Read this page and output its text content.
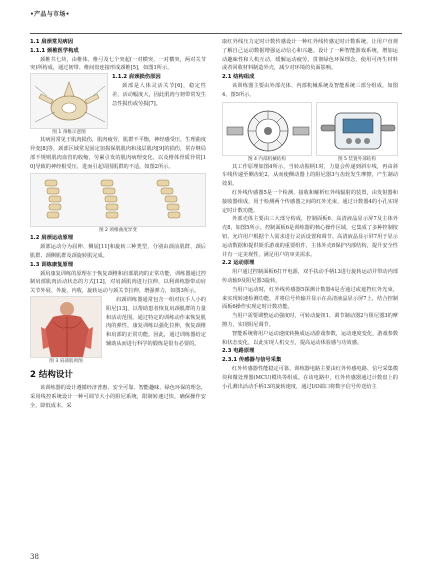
•产品与市场•
1.1 肩颈常见病因
1.1.1 颈椎医学构成
颈椎共七块，由椎体、椎弓及七个突起(一对横突、一对横突，两对关节突)所构成，通过韧带、椎间盘连接形成颈椎[5]，如图1所示。
图 1 颈椎示意图
1.1.2 肩颈损伤原因
颈部是人体灵活关节[6]，稳定性差，活动幅度大，因此肌肉与韧带常发生急性损伤或劳损[7]。
其病因常见于肌肉损伤，肌肉疲劳，肌群不平衡，神经感受压，生理曲度异变[8]等，颈部区域常见固定加损保肌肌肉和浅层肌肉[9]的损伤，常存继局部不规则肌肉血管的收缩，劳累引发的肌肉病理变化，以及椎体骨质异常[10]导致的神经根受压，进而引起周围肌群的不适，如图2所示。
图 2 颈椎曲度异变
1.2 肩颈运动原理
颈部运动分为屈伸、侧屈[11]和旋转三种类型，分别由颈前肌群、颈后肌群、颈侧肌群及颈旋转肌完成。
1.3 训练康复原理
颈肩康复训练的原理在于恢复颈椎和肩部肌肉的正常功能，训练器通过控制肩部肌肉活动状态的方式[12]，对肩颈肌肉进行拉伸，以利训练器带动肩关节外展、外旋、内收，旋转运动与颈关节拉伸，增强弹力，如图3所示。
图 3 肩部肌肉图
肩颈训练器通常包含一组对抗手人小的阻尼[13]，以帮助患者恢复肩颈肌群的力量和活动范围。通过特定的训练动作来恢复肌肉的弹性，康复训练以强化拉伸，恢复颈椎和肩部的正常功能。因此，通过训练器给定辅助从而进行科学的锻炼是很有必要的。
2 结构设计
该训练器的设计遵循经济普惠、安全可靠、智能趣味、绿色环保的理念，采用线控系统设计一种可调节大小的阻尼系统，限制转速过快，确保操作安全，降低成本，采
取红外线压力定时计数传感设计一种红外线传感定时计数系统，让用户直观了解自己运动数据增强运动信心和兴趣。设计了一种智能游戏系统，增加运动趣味性和人机互动，缓解运动疲劳。贯彻绿色环保理念，使用可再生材料或者回收材料制造外壳，减少对环境的负面影响。
2.1 结构组成
该训练器主要由外部壳体、内部机械系统及智能系统三部分组成，如图4、图5所示。
图 4 内部机械结构	图 5 装置外部结构
其工作原理如图4所示，当转动握柄1时，力量会传递到斜车线，再由斜车线传递至侧齿轮2，从而使侧动器上的阻尼器3与齿轮发生摩擦，产生制动效果。
红外线传感器5是一个检测、接收和解析红外线辐射的装置，由发射器和接收器组成，用于检测两个传感器之间的红外光束，通过计数器4的小孔实现定时计数功能。
外部壳体主要由三大部分构成，控制面板6、高清液晶显示屏7及主体外壳8，如图5所示。控制面板6是训练器的核心操作区域，它集成了多种控制按钮，允许用户根据个人需求进行灵活设置和调节。高清液晶显示屏7用于显示运动数据和提供娱乐游戏的重要组件，主体外壳8保护内部结构，提升安全性并有一定美观性，满足用户的审美需求。
2.2 运动原理
用户通过控制面板6打开电源，双手扶动手柄13进行旋转运动并带动内部传动轴9及阻尼器3旋转。
当用户运动时，红外线传感器5探测计数器4是否通过或遮挡红外光束，来实现转速检测功能，并将信号传输并显示在高清液晶显示屏7上，结合控制面板6操作实现定时计数功能。
当用户需要调整运动强度时，可转动旋钮1，调节制动器2与阻尼器3的摩擦力，实现阻尼调节。
智能系统将用户运动速度转换成运动游戏参数，运动速度变化，游戏参数和状态变化，以此实现人机交互，提高运动体验感与功效感。
2.3 电路原理
2.3.1 传感器与信号采集
红外传感器性能稳定可靠。训练器电路主要由红外传感电路、信号采集模块和微处理器(MCU)模块等组成。在该电路中，红外传感器通过计数盘上的小孔测出活动手柄13的旋转速度，通过I/O端口将数字信号传送给主
38
